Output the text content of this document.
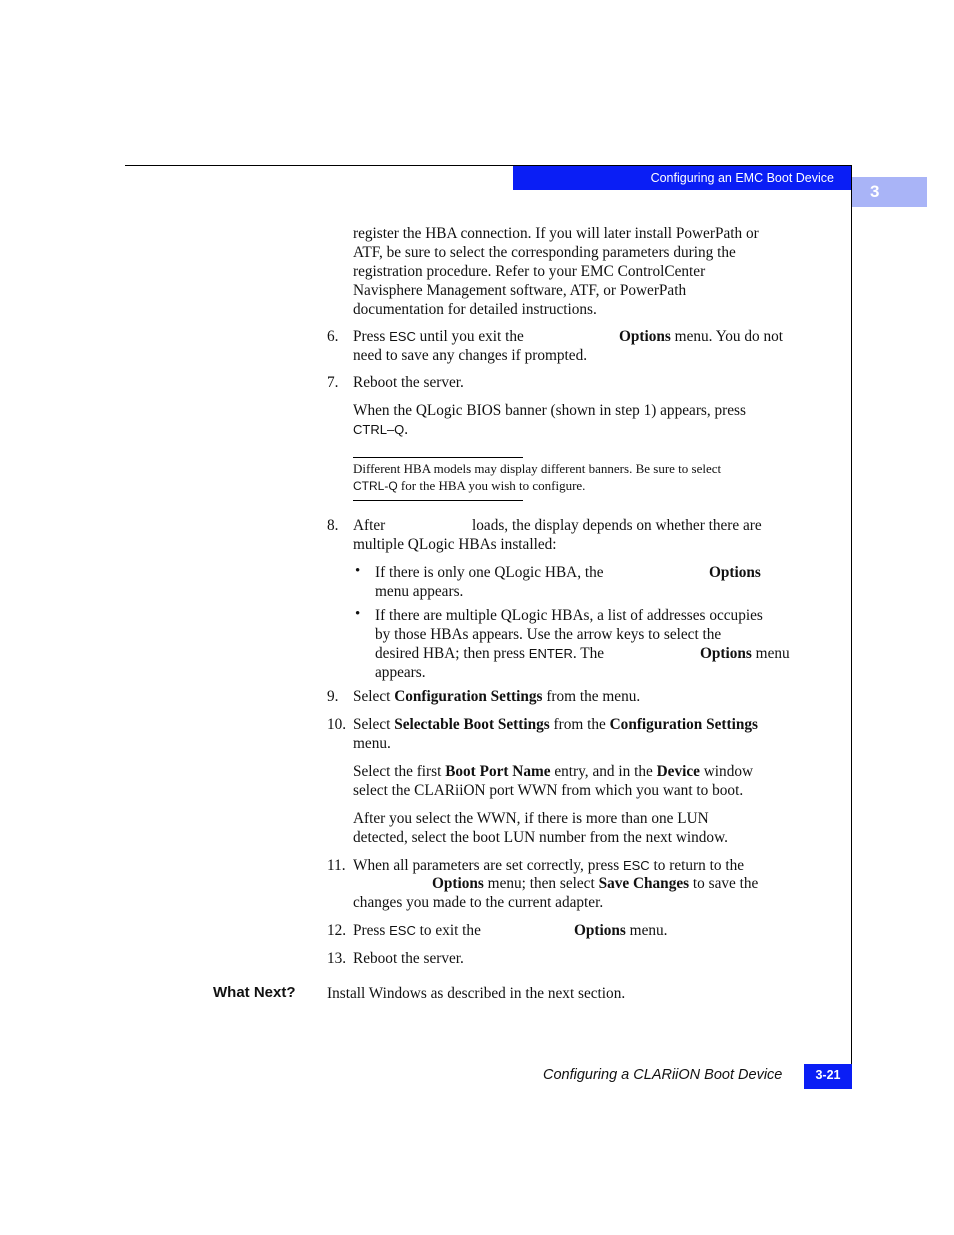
Configuring an EMC Boot Device
3
register the HBA connection. If you will later install PowerPath or
ATF, be sure to select the corresponding parameters during the
registration procedure. Refer to your EMC ControlCenter
Navisphere Management software, ATF, or PowerPath
documentation for detailed instructions.
6. Press ESC until you exit the	Options menu. You do not
need to save any changes if prompted.
7. Reboot the server.
When the QLogic BIOS banner (shown in step 1) appears, press
CTRL–Q.
Different HBA models may display different banners. Be sure to select
CTRL-Q for the HBA you wish to configure.
8. After	loads, the display depends on whether there are
multiple QLogic HBAs installed:
• If there is only one QLogic HBA, the	Options
menu appears.
• If there are multiple QLogic HBAs, a list of addresses occupies
by those HBAs appears. Use the arrow keys to select the
desired HBA; then press ENTER. The
appears.
Options menu
9. Select Configuration Settings from the menu.
10. Select Selectable Boot Settings from the Configuration Settings
menu.
Select the first Boot Port Name entry, and in the Device window
select the CLARiiON port WWN from which you want to boot.
After you select the WWN, if there is more than one LUN
detected, select the boot LUN number from the next window.
11. When all parameters are set correctly, press ESC to return to the
Options menu; then select Save Changes to save the
changes you made to the current adapter.
12. Press ESC to exit the	Options menu.
13. Reboot the server.
What Next? Install Windows as described in the next section.
Configuring a CLARiiON Boot Device	3-21
